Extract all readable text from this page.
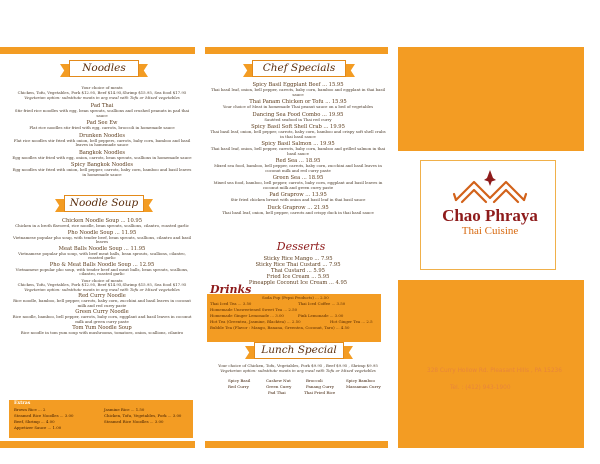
Noodles
Your choice of meats
Chicken, Tofu, Vegetables, Pork $12.95, Beef $14.95,Shrimp $15.95, Sea food $17.95
Vegetarian option: substitute meats in any meal with Tofu or Mixed vegetables
Pad Thai
Stir fried rice noodles with egg, bean sprouts, scallions and crushed peanuts in pad thai sauce
Pad See Ew
Flat rice noodles stir fried with egg, carrots, broccoli in homemade sauce
Drunken Noodles
Flat rice noodles stir fried with onion, bell peppers, carrots, baby corn, bamboo and basil leaves in homemade sauce
Bangkok Noodles
Egg noodles stir fried with egg, onion, carrots, bean sprouts, scallions in homemade sauce
Spicy Bangkok Noodles
Egg noodles stir fried with onion, bell pepper, carrots, baby corn, bamboo and basil leaves in homemade sauce
Noodle Soup
Chicken Noodle Soup ... 10.95
Chicken in a broth flavored, rice noodle, bean sprouts, scallions, cilantro, roasted garlic
Pho Noodle Soup ... 11.95
Vietnamese popular pho soup, with tender beef, bean sprouts, scallions, cilantro and basil leaves
Meat Balls Noodle Soup ... 11.95
Vietnamese popular pho soup, with beef meat balls, bean sprouts, scallions, cilantro, roasted garlic
Pho & Meat Balls Noodle Soup ... 12.95
Vietnamese popular pho soup, with tender beef and meat balls, bean sprouts, scallions, cilantro, roasted garlic
Your choice of meats
Chicken, Tofu, Vegetables, Pork $12.95, Beef $14.95,Shrimp $15.95, Sea food $17.95
Vegetarian option: substitute meats in any meal with Tofu or Mixed vegetables
Red Curry Noodle
Rice noodle, bamboo, bell pepper, carrots, baby corn, zucchini and basil leaves in coconut milk and red curry paste
Green Curry Noodle
Rice noodle, bamboo, bell pepper, carrots, baby corn, eggplant and basil leaves in coconut milk and green curry paste
Tom Yum Noodle Soup
Rice noodle in tom yum soup with mushrooms, tomatoes, onion, scallions, cilantro
Extras
Brown Rice ... 2	Jasmine Rice ... 1.50
Steamed Rice Noodles ... 3.00	Chicken, Tofu, Vegetables, Pork ... 3.00
Beef, Shrimp ... 4.00	Steamed Rice Noodles ... 3.00
Appetizer Sauce ... 1.00
Chef Specials
Spicy Basil Eggplant Beef ... 15.95
Thai basil leaf, onion, bell pepper, carrots, baby corn, bamboo and eggplant in thai basil sauce
Thai Panam Chicken or Tofu ... 15.95
Your choice of Meat in homemade Thai peanut sauce on a bed of vegetables
Dancing Sea Food Combo ... 19.95
Sautéed seafood in Thai red curry
Spicy Basil Soft Shell Crab ... 19.95
Thai basil leaf, onion, bell pepper, carrots, baby corn, bamboo and crispy soft shell crabs in thai basil sauce
Spicy Basil Salmon ... 19.95
Thai basil leaf, onion, bell pepper, carrots, baby corn, bamboo and grilled salmon in thai basil sauce
Red Sea ... 18.95
Mixed sea food, bamboo, bell pepper, carrots, baby corn, zucchini and basil leaves in coconut milk and red curry paste
Green Sea ... 18.95
Mixed sea food, bamboo, bell pepper, carrots, baby corn, eggplant and basil leaves in coconut milk and green curry paste
Pad Graprow ... 13.95
Stir fried chicken breast with onion and basil leaf in thai basil sauce
Duck Graprow ... 21.95
Thai basil leaf, onion, bell pepper, carrots and crispy duck in thai basil sauce
Desserts
Sticky Rice Mango ... 7.95
Sticky Rice Thai Custard ... 7.95
Thai Custard ... 5.95
Fried Ice Cream ... 5.95
Pineapple Coconut Ice Cream ... 4.95
Drinks
Soda Pop (Pepsi Products) ... 2.50
Thai Iced Tea ... 3.50	Thai Iced Coffee ... 3.50
Homemade Unsweetened Sweet Tea ... 2.50
Homemade Ginger Lemonade ... 3.00	Pink Lemonade ... 3.00
Hot Tea (Greentea, Jasmine, Blacktea) ... 2.50	Hot Ginger Tea ... 2.5
Bubble Tea (Flavor : Mango, Banana, Greentea, Coconut, Taro) ... 4.50
Lunch Special
Your choice of Chicken, Tofu, Vegetables, Pork $9.95 , Beef $9.95 , Shrimp $9.95
Vegetarian option: substitute meats in any meal with Tofu or Mixed vegetables
Spicy Basil	Cashew Nut	Broccoli	Spicy Bamboo
Red Curry	Green Curry	Panang Curry	Massaman Curry
Pad Thai	Thai Fried Rice
Chao Phraya
Thai Cuisine
328 Curry Hollow Rd. Pleasant Hills , PA 15236
Tel. : (412) 943-1900
